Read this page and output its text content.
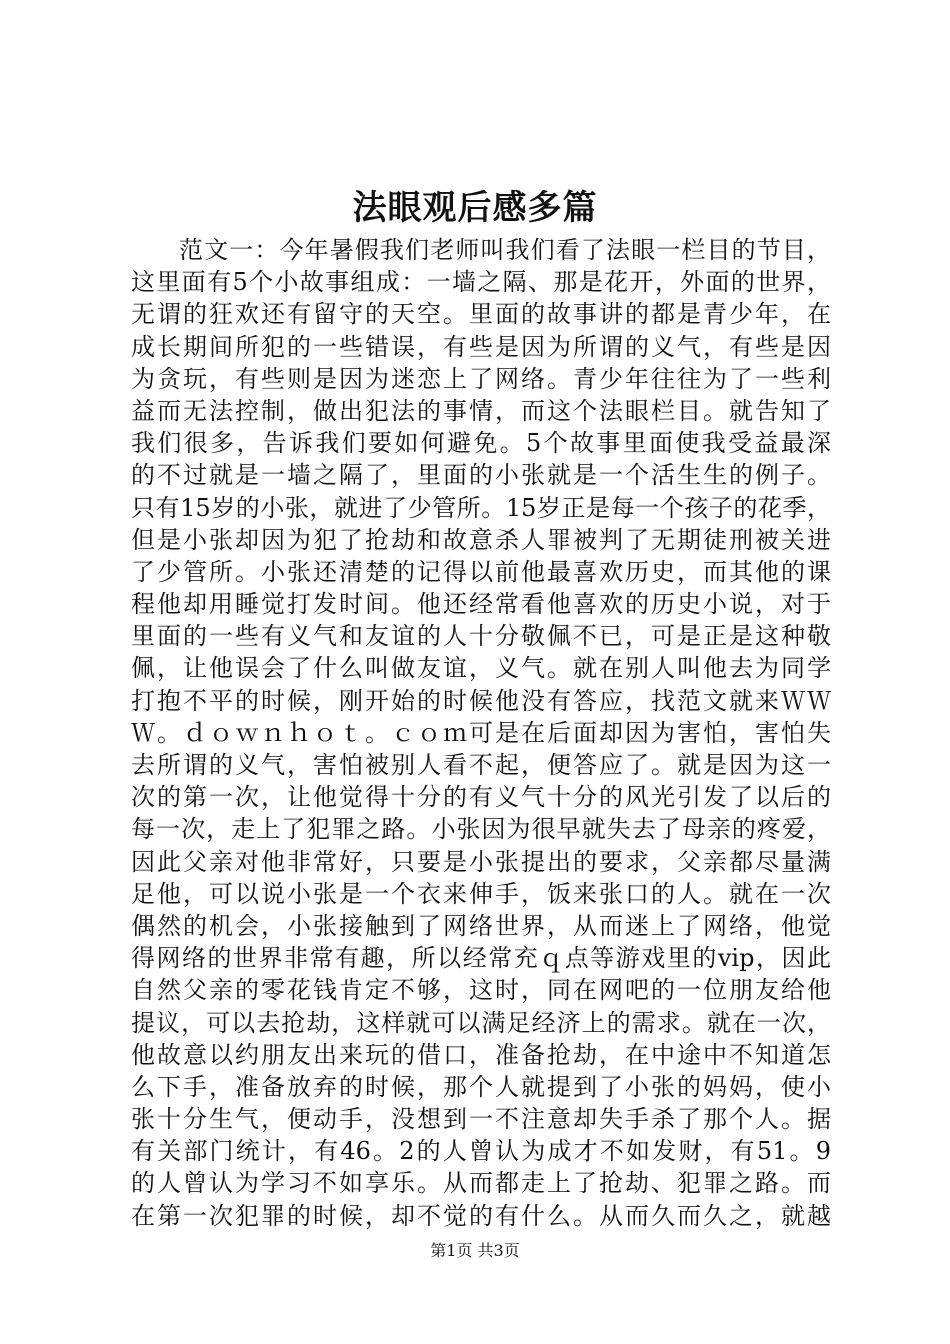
法眼观后感多篇
范文一：今年暑假我们老师叫我们看了法眼一栏目的节目，
这里面有5个小故事组成：一墙之隔、那是花开，外面的世界，
无谓的狂欢还有留守的天空。里面的故事讲的都是青少年，在
成长期间所犯的一些错误，有些是因为所谓的义气，有些是因
为贪玩，有些则是因为迷恋上了网络。青少年往往为了一些利
益而无法控制，做出犯法的事情，而这个法眼栏目。就告知了
我们很多，告诉我们要如何避免。5个故事里面使我受益最深
的不过就是一墙之隔了，里面的小张就是一个活生生的例子。
只有15岁的小张，就进了少管所。15岁正是每一个孩子的花季，
但是小张却因为犯了抢劫和故意杀人罪被判了无期徒刑被关进
了少管所。小张还清楚的记得以前他最喜欢历史，而其他的课
程他却用睡觉打发时间。他还经常看他喜欢的历史小说，对于
里面的一些有义气和友谊的人十分敬佩不已，可是正是这种敬
佩，让他误会了什么叫做友谊，义气。就在别人叫他去为同学
打抱不平的时候，刚开始的时候他没有答应，找范文就来ＷＷ
Ｗ。ｄｏｗｎｈｏｔ。ｃｏｍ可是在后面却因为害怕，害怕失
去所谓的义气，害怕被别人看不起，便答应了。就是因为这一
次的第一次，让他觉得十分的有义气十分的风光引发了以后的
每一次，走上了犯罪之路。小张因为很早就失去了母亲的疼爱，
因此父亲对他非常好，只要是小张提出的要求，父亲都尽量满
足他，可以说小张是一个衣来伸手，饭来张口的人。就在一次
偶然的机会，小张接触到了网络世界，从而迷上了网络，他觉
得网络的世界非常有趣，所以经常充ｑ点等游戏里的vip，因此
自然父亲的零花钱肯定不够，这时，同在网吧的一位朋友给他
提议，可以去抢劫，这样就可以满足经济上的需求。就在一次，
他故意以约朋友出来玩的借口，准备抢劫，在中途中不知道怎
么下手，准备放弃的时候，那个人就提到了小张的妈妈，使小
张十分生气，便动手，没想到一不注意却失手杀了那个人。据
有关部门统计，有46。2的人曾认为成才不如发财，有51。9
的人曾认为学习不如享乐。从而都走上了抢劫、犯罪之路。而
在第一次犯罪的时候，却不觉的有什么。从而久而久之，就越
第1页 共3页
